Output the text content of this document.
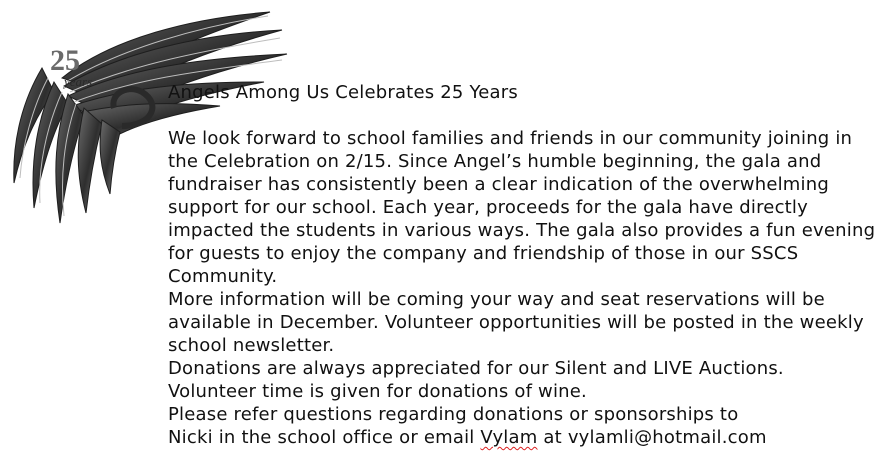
25
years

Angels Among Us Celebrates 25 Years

We look forward to school families and friends in our community joining in the Celebration on 2/15. Since Angel’s humble beginning, the gala and fundraiser has consistently been a clear indication of the overwhelming support for our school. Each year, proceeds for the gala have directly impacted the students in various ways. The gala also provides a fun evening for guests to enjoy the company and friendship of those in our SSCS Community.

More information will be coming your way and seat reservations will be available in December. Volunteer opportunities will be posted in the weekly school newsletter.

Donations are always appreciated for our Silent and LIVE Auctions.

Volunteer time is given for donations of wine.

Please refer questions regarding donations or sponsorships to

Nicki in the school office or email Vylam at vylamli@hotmail.com
